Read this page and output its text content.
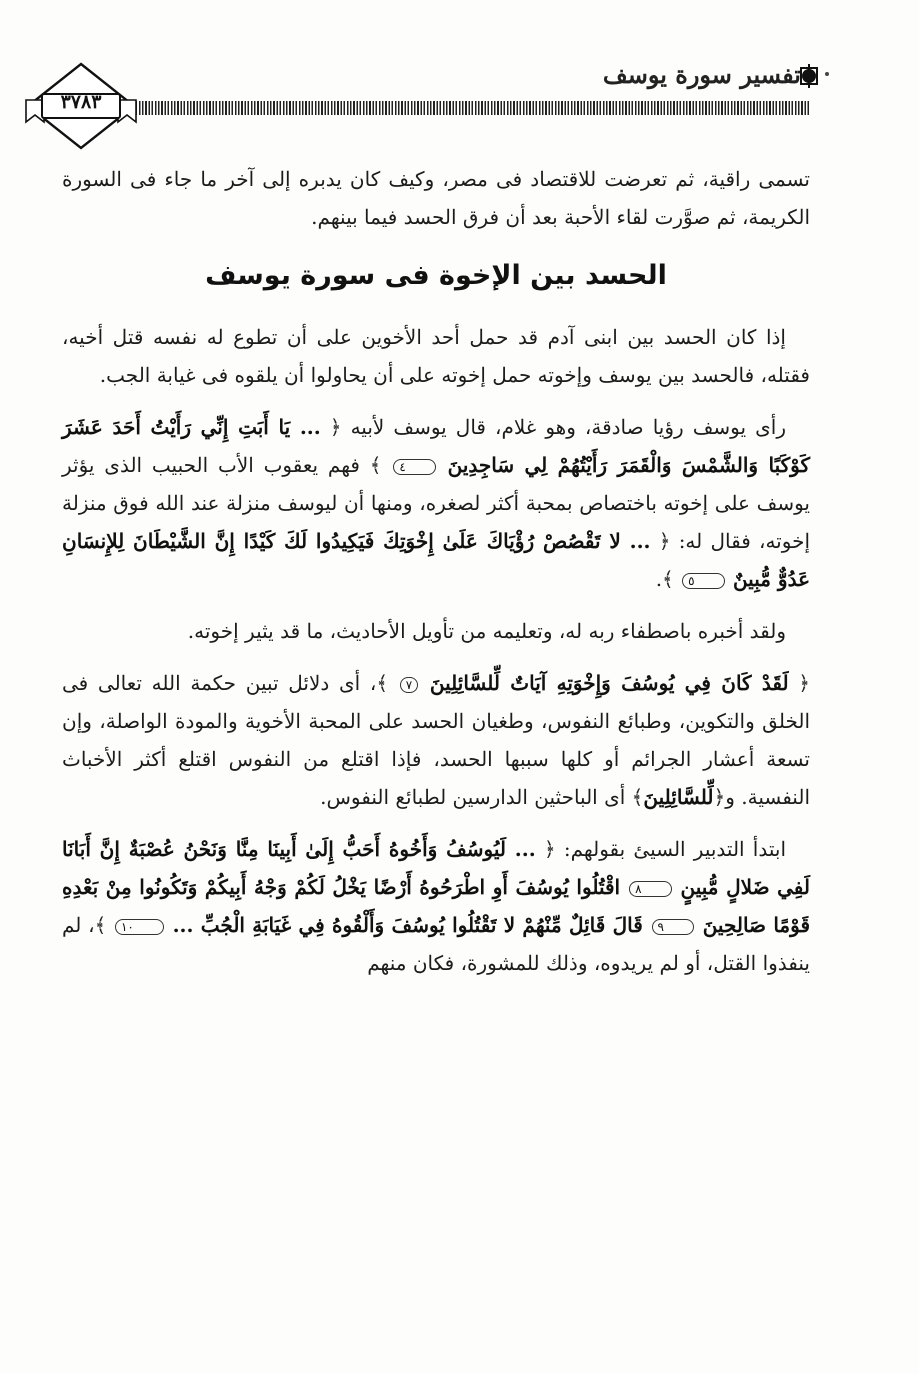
تفسير سورة يوسف
٣٧٨٣

تسمى راقية، ثم تعرضت للاقتصاد فى مصر، وكيف كان يدبره إلى آخر ما جاء فى السورة الكريمة، ثم صوَّرت لقاء الأحبة بعد أن فرق الحسد فيما بينهم.

الحسد بين الإخوة فى سورة يوسف

إذا كان الحسد بين ابنى آدم قد حمل أحد الأخوين على أن تطوع له نفسه قتل أخيه، فقتله، فالحسد بين يوسف وإخوته حمل إخوته على أن يحاولوا أن يلقوه فى غيابة الجب.

رأى يوسف رؤيا صادقة، وهو غلام، قال يوسف لأبيه ﴿ ... يَا أَبَتِ إِنِّي رَأَيْتُ أَحَدَ عَشَرَ كَوْكَبًا وَالشَّمْسَ وَالْقَمَرَ رَأَيْتُهُمْ لِي سَاجِدِينَ ٤ ﴾ فهم يعقوب الأب الحبيب الذى يؤثر يوسف على إخوته باختصاص بمحبة أكثر لصغره، ومنها أن ليوسف منزلة عند الله فوق منزلة إخوته، فقال له: ﴿ ... لا تَقْصُصْ رُؤْيَاكَ عَلَىٰ إِخْوَتِكَ فَيَكِيدُوا لَكَ كَيْدًا إِنَّ الشَّيْطَانَ لِلإِنسَانِ عَدُوٌّ مُّبِينٌ ٥ ﴾.

ولقد أخبره باصطفاء ربه له، وتعليمه من تأويل الأحاديث، ما قد يثير إخوته.

﴿ لَقَدْ كَانَ فِي يُوسُفَ وَإِخْوَتِهِ آيَاتٌ لِّلسَّائِلِينَ ٧ ﴾، أى دلائل تبين حكمة الله تعالى فى الخلق والتكوين، وطبائع النفوس، وطغيان الحسد على المحبة الأخوية والمودة الواصلة، وإن تسعة أعشار الجرائم أو كلها سببها الحسد، فإذا اقتلع من النفوس اقتلع أكثر الأخباث النفسية. و﴿لِّلسَّائِلِينَ﴾ أى الباحثين الدارسين لطبائع النفوس.

ابتدأ التدبير السيئ بقولهم: ﴿ ... لَيُوسُفُ وَأَخُوهُ أَحَبُّ إِلَىٰ أَبِينَا مِنَّا وَنَحْنُ عُصْبَةٌ إِنَّ أَبَانَا لَفِي ضَلالٍ مُّبِينٍ ٨ اقْتُلُوا يُوسُفَ أَوِ اطْرَحُوهُ أَرْضًا يَخْلُ لَكُمْ وَجْهُ أَبِيكُمْ وَتَكُونُوا مِنْ بَعْدِهِ قَوْمًا صَالِحِينَ ٩ قَالَ قَائِلٌ مِّنْهُمْ لا تَقْتُلُوا يُوسُفَ وَأَلْقُوهُ فِي غَيَابَةِ الْجُبِّ ... ١٠ ﴾، لم ينفذوا القتل، أو لم يريدوه، وذلك للمشورة، فكان منهم
